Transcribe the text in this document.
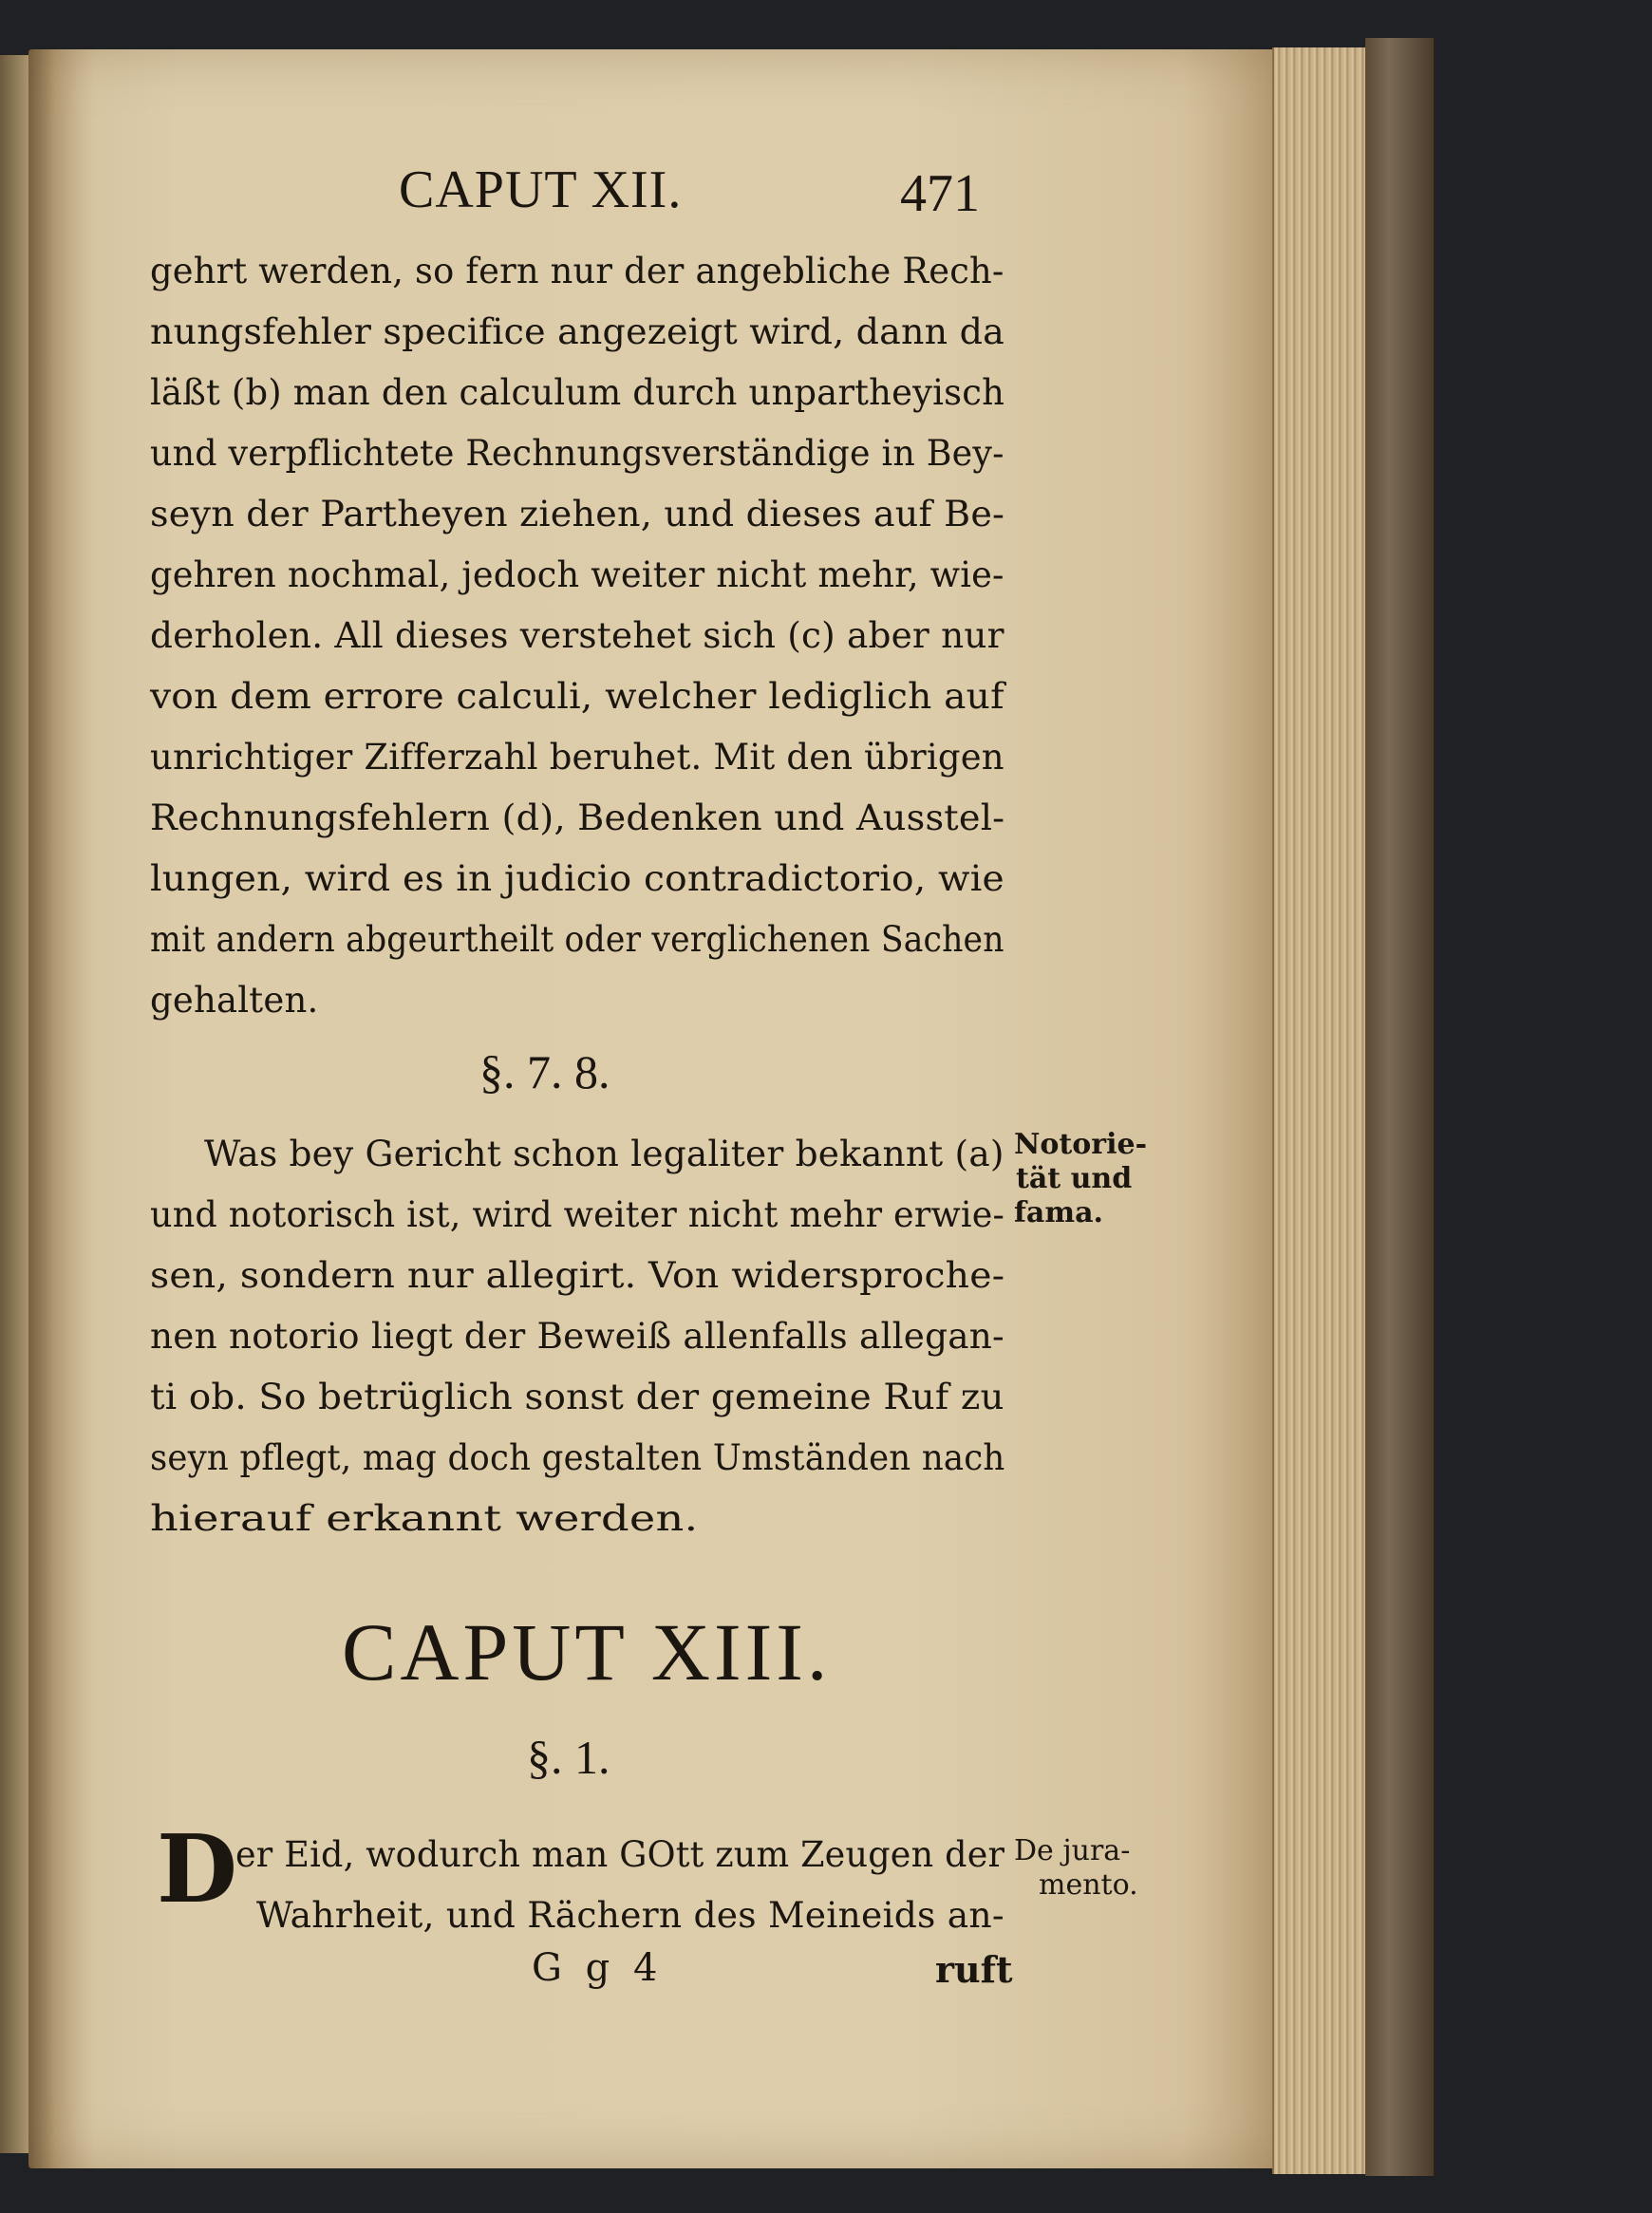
CAPUT XII.	471

gehrt werden, so fern nur der angebliche Rech-

nungsfehler specifice angezeigt wird, dann da

läßt (b) man den calculum durch unpartheyisch

und verpflichtete Rechnungsverständige in Bey-

seyn der Partheyen ziehen, und dieses auf Be-

gehren nochmal, jedoch weiter nicht mehr, wie-

derholen. All dieses verstehet sich (c) aber nur

von dem errore calculi, welcher lediglich auf

unrichtiger Zifferzahl beruhet. Mit den übrigen

Rechnungsfehlern (d), Bedenken und Ausstel-

lungen, wird es in judicio contradictorio, wie

mit andern abgeurtheilt oder verglichenen Sachen

gehalten.

§. 7. 8.

Was bey Gericht schon legaliter bekannt (a)

und notorisch ist, wird weiter nicht mehr erwie-

sen, sondern nur allegirt. Von widersproche-

nen notorio liegt der Beweiß allenfalls allegan-

ti ob. So betrüglich sonst der gemeine Ruf zu

seyn pflegt, mag doch gestalten Umständen nach

hierauf erkannt werden.

Notorie-
tät und
fama.
CAPUT XIII.
§. 1.
D

er Eid, wodurch man GOtt zum Zeugen der

Wahrheit, und Rächern des Meineids an-

De jura-
mento.
G g 4	ruft
